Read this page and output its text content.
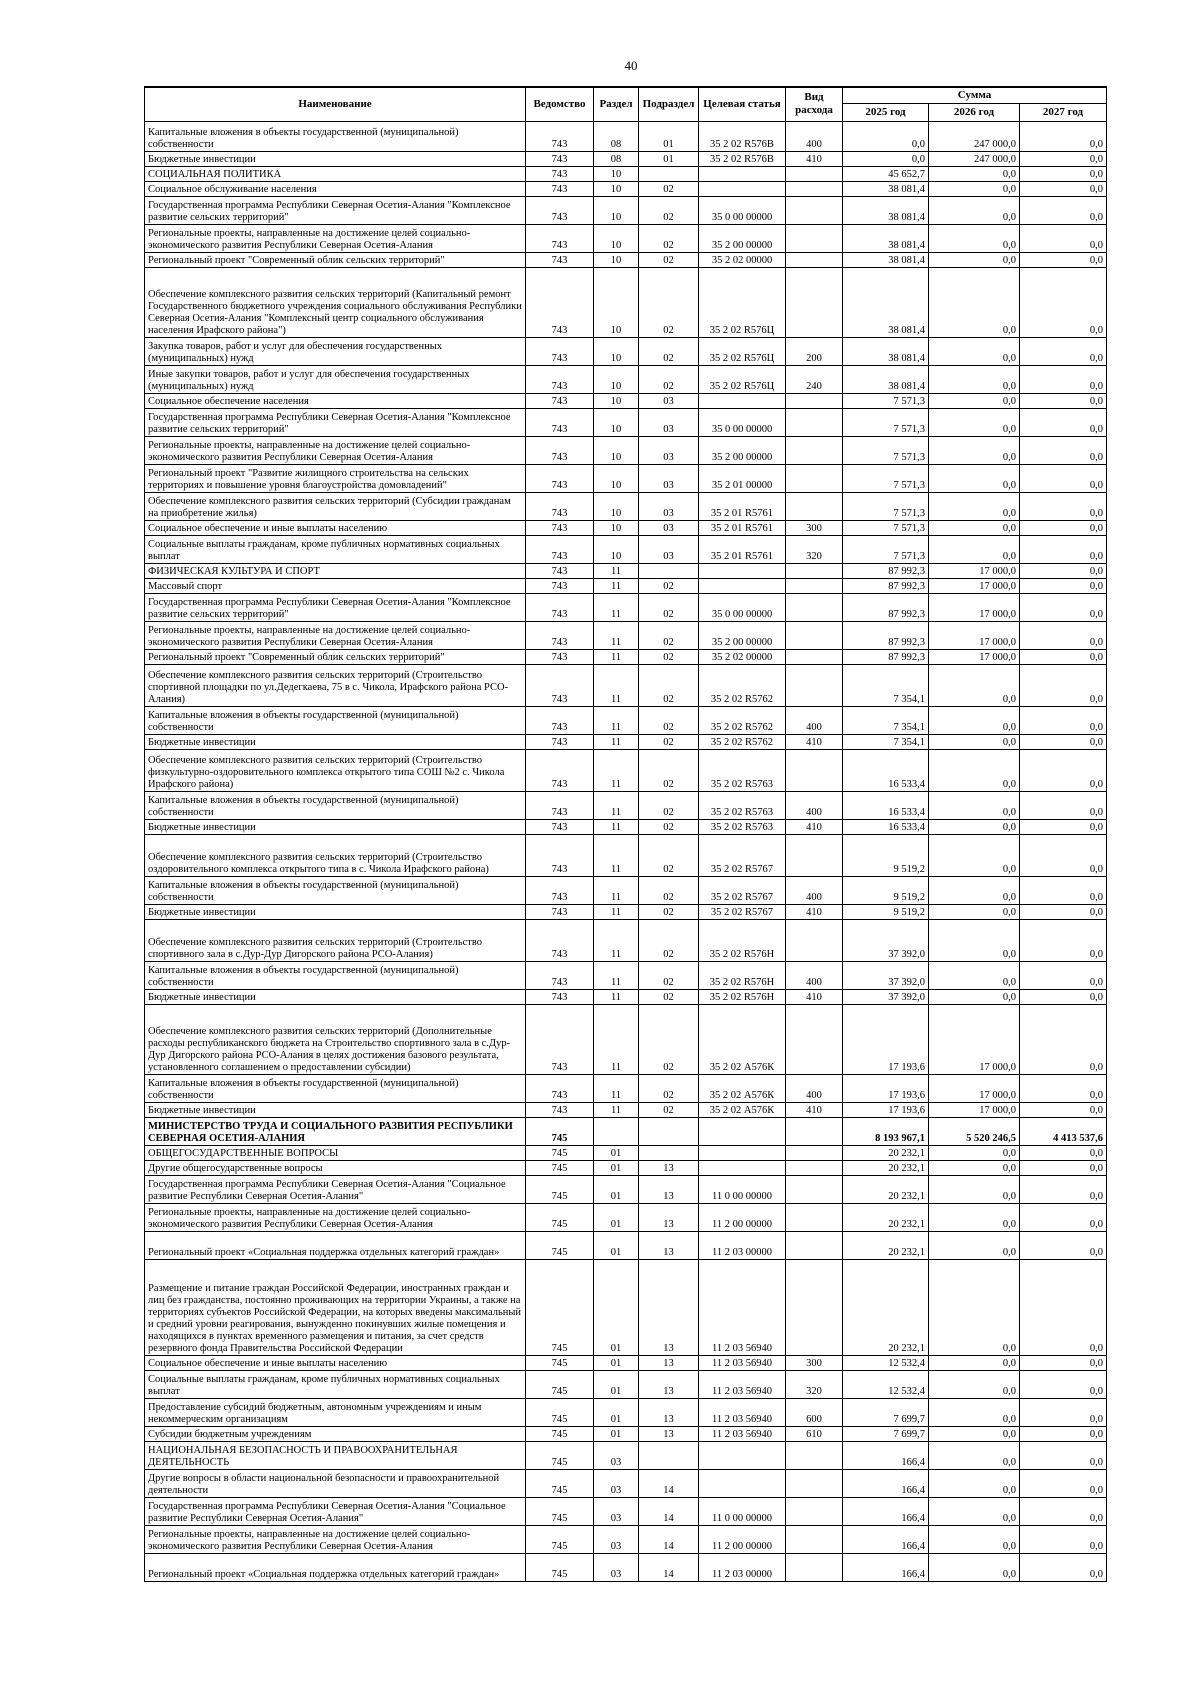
40
Наименование	Ведомство	Раздел	Подраздел	Целевая статья	Вид расхода	Сумма		
						2025 год	2026 год	2027 год
Капитальные вложения в объекты государственной (муниципальной) собственности	743	08	01	35 2 02 R576B	400	0,0	247 000,0	0,0
Бюджетные инвестиции	743	08	01	35 2 02 R576B	410	0,0	247 000,0	0,0
СОЦИАЛЬНАЯ ПОЛИТИКА	743	10				45 652,7	0,0	0,0
Социальное обслуживание населения	743	10	02			38 081,4	0,0	0,0
Государственная программа Республики Северная Осетия-Алания "Комплексное развитие сельских территорий"	743	10	02	35 0 00 00000		38 081,4	0,0	0,0
Региональные проекты, направленные на достижение целей социально-экономического развития Республики Северная Осетия-Алания	743	10	02	35 2 00 00000		38 081,4	0,0	0,0
Региональный проект "Современный облик сельских территорий"	743	10	02	35 2 02 00000		38 081,4	0,0	0,0

Обеспечение комплексного развития сельских территорий (Капитальный ремонт Государственного бюджетного учреждения социального обслуживания Республики Северная Осетия-Алания "Комплексный центр социального обслуживания населения Ирафского района")	743	10	02	35 2 02 R576Ц		38 081,4	0,0	0,0
Закупка товаров, работ и услуг для обеспечения государственных (муниципальных) нужд	743	10	02	35 2 02 R576Ц	200	38 081,4	0,0	0,0
Иные закупки товаров, работ и услуг для обеспечения государственных (муниципальных) нужд	743	10	02	35 2 02 R576Ц	240	38 081,4	0,0	0,0
Социальное обеспечение населения	743	10	03			7 571,3	0,0	0,0
Государственная программа Республики Северная Осетия-Алания "Комплексное развитие сельских территорий"	743	10	03	35 0 00 00000		7 571,3	0,0	0,0
Региональные проекты, направленные на достижение целей социально-экономического развития Республики Северная Осетия-Алания	743	10	03	35 2 00 00000		7 571,3	0,0	0,0
Региональный проект "Развитие жилищного строительства на сельских территориях и повышение уровня благоустройства домовладений"	743	10	03	35 2 01 00000		7 571,3	0,0	0,0
Обеспечение комплексного развития сельских территорий (Субсидии гражданам на приобретение жилья)	743	10	03	35 2 01 R5761		7 571,3	0,0	0,0
Социальное обеспечение и иные выплаты населению	743	10	03	35 2 01 R5761	300	7 571,3	0,0	0,0
Социальные выплаты гражданам, кроме публичных нормативных социальных выплат	743	10	03	35 2 01 R5761	320	7 571,3	0,0	0,0
ФИЗИЧЕСКАЯ КУЛЬТУРА И СПОРТ	743	11				87 992,3	17 000,0	0,0
Массовый спорт	743	11	02			87 992,3	17 000,0	0,0
Государственная программа Республики Северная Осетия-Алания "Комплексное развитие сельских территорий"	743	11	02	35 0 00 00000		87 992,3	17 000,0	0,0
Региональные проекты, направленные на достижение целей социально-экономического развития Республики Северная Осетия-Алания	743	11	02	35 2 00 00000		87 992,3	17 000,0	0,0
Региональный проект "Современный облик сельских территорий"	743	11	02	35 2 02 00000		87 992,3	17 000,0	0,0
Обеспечение комплексного развития сельских территорий (Строительство спортивной площадки по ул.Дедегкаева, 75 в с. Чикола, Ирафского района РСО-Алания)	743	11	02	35 2 02 R5762		7 354,1	0,0	0,0
Капитальные вложения в объекты государственной (муниципальной) собственности	743	11	02	35 2 02 R5762	400	7 354,1	0,0	0,0
Бюджетные инвестиции	743	11	02	35 2 02 R5762	410	7 354,1	0,0	0,0
Обеспечение комплексного развития сельских территорий (Строительство физкультурно-оздоровительного комплекса открытого типа СОШ №2 с. Чикола Ирафского района)	743	11	02	35 2 02 R5763		16 533,4	0,0	0,0
Капитальные вложения в объекты государственной (муниципальной) собственности	743	11	02	35 2 02 R5763	400	16 533,4	0,0	0,0
Бюджетные инвестиции	743	11	02	35 2 02 R5763	410	16 533,4	0,0	0,0

Обеспечение комплексного развития сельских территорий (Строительство оздоровительного комплекса открытого типа в с. Чикола Ирафского района)	743	11	02	35 2 02 R5767		9 519,2	0,0	0,0
Капитальные вложения в объекты государственной (муниципальной) собственности	743	11	02	35 2 02 R5767	400	9 519,2	0,0	0,0
Бюджетные инвестиции	743	11	02	35 2 02 R5767	410	9 519,2	0,0	0,0

Обеспечение комплексного развития сельских территорий (Строительство спортивного зала в с.Дур-Дур Дигорского района РСО-Алания)	743	11	02	35 2 02 R576Н		37 392,0	0,0	0,0
Капитальные вложения в объекты государственной (муниципальной) собственности	743	11	02	35 2 02 R576Н	400	37 392,0	0,0	0,0
Бюджетные инвестиции	743	11	02	35 2 02 R576Н	410	37 392,0	0,0	0,0

Обеспечение комплексного развития сельских территорий (Дополнительные расходы республиканского бюджета на Строительство спортивного зала в с.Дур-Дур Дигорского района РСО-Алания в целях достижения базового результата, установленного соглашением о предоставлении субсидии)	743	11	02	35 2 02 А576К		17 193,6	17 000,0	0,0
Капитальные вложения в объекты государственной (муниципальной) собственности	743	11	02	35 2 02 А576К	400	17 193,6	17 000,0	0,0
Бюджетные инвестиции	743	11	02	35 2 02 А576К	410	17 193,6	17 000,0	0,0
МИНИСТЕРСТВО ТРУДА И СОЦИАЛЬНОГО РАЗВИТИЯ РЕСПУБЛИКИ СЕВЕРНАЯ ОСЕТИЯ-АЛАНИЯ	745					8 193 967,1	5 520 246,5	4 413 537,6
ОБЩЕГОСУДАРСТВЕННЫЕ ВОПРОСЫ	745	01				20 232,1	0,0	0,0
Другие общегосударственные вопросы	745	01	13			20 232,1	0,0	0,0
Государственная программа Республики Северная Осетия-Алания "Социальное развитие Республики Северная Осетия-Алания"	745	01	13	11 0 00 00000		20 232,1	0,0	0,0
Региональные проекты, направленные на достижение целей социально-экономического развития Республики Северная Осетия-Алания	745	01	13	11 2 00 00000		20 232,1	0,0	0,0
Региональный проект «Социальная поддержка отдельных категорий граждан»	745	01	13	11 2 03 00000		20 232,1	0,0	0,0
Размещение и питание граждан Российской Федерации, иностранных граждан и лиц без гражданства, постоянно проживающих на территории Украины, а также на территориях субъектов Российской Федерации, на которых введены максимальный и средний уровни реагирования, вынужденно покинувших жилые помещения и находящихся в пунктах временного размещения и питания, за счет средств резервного фонда Правительства Российской Федерации	745	01	13	11 2 03 56940		20 232,1	0,0	0,0
Социальное обеспечение и иные выплаты населению	745	01	13	11 2 03 56940	300	12 532,4	0,0	0,0
Социальные выплаты гражданам, кроме публичных нормативных социальных выплат	745	01	13	11 2 03 56940	320	12 532,4	0,0	0,0
Предоставление субсидий бюджетным, автономным учреждениям и иным некоммерческим организациям	745	01	13	11 2 03 56940	600	7 699,7	0,0	0,0
Субсидии бюджетным учреждениям	745	01	13	11 2 03 56940	610	7 699,7	0,0	0,0
НАЦИОНАЛЬНАЯ БЕЗОПАСНОСТЬ И ПРАВООХРАНИТЕЛЬНАЯ ДЕЯТЕЛЬНОСТЬ	745	03				166,4	0,0	0,0
Другие вопросы в области национальной безопасности и правоохранительной деятельности	745	03	14			166,4	0,0	0,0
Государственная программа Республики Северная Осетия-Алания "Социальное развитие Республики Северная Осетия-Алания"	745	03	14	11 0 00 00000		166,4	0,0	0,0
Региональные проекты, направленные на достижение целей социально-экономического развития Республики Северная Осетия-Алания	745	03	14	11 2 00 00000		166,4	0,0	0,0
Региональный проект «Социальная поддержка отдельных категорий граждан»	745	03	14	11 2 03 00000		166,4	0,0	0,0
